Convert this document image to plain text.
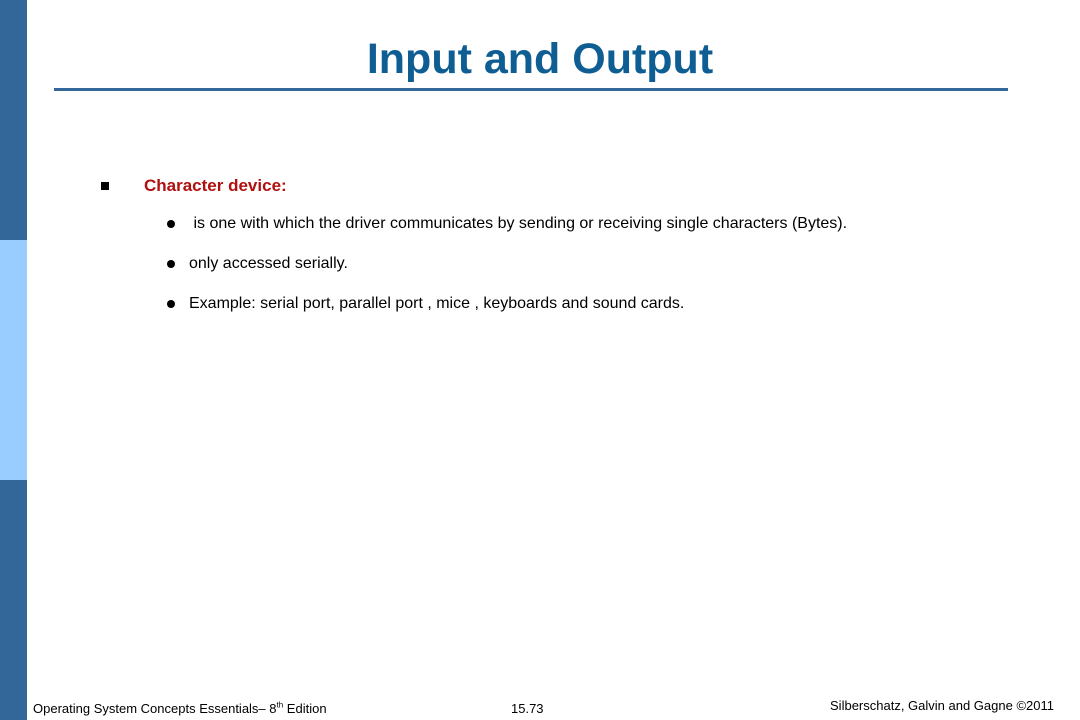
Input and Output
Character device:
is one with which the driver communicates by sending or receiving single characters (Bytes).
only accessed serially.
Example: serial port, parallel port , mice , keyboards and sound cards.
Operating System Concepts Essentials– 8th Edition	15.73	Silberschatz, Galvin and Gagne ©2011
